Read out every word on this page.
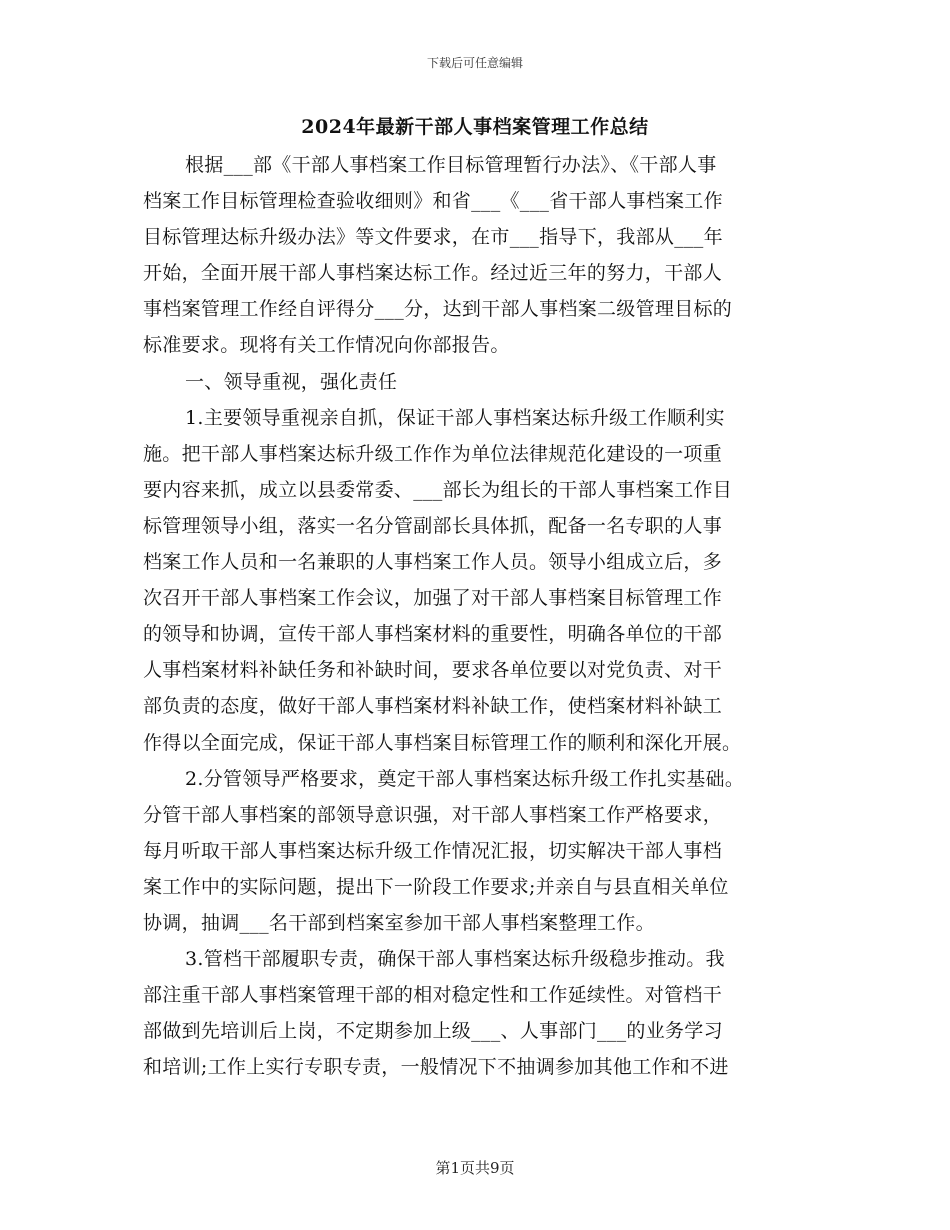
下载后可任意编辑
2024年最新干部人事档案管理工作总结
根据___部《干部人事档案工作目标管理暂行办法》、《干部人事
档案工作目标管理检查验收细则》和省___《___省干部人事档案工作
目标管理达标升级办法》等文件要求，在市___指导下，我部从___年
开始，全面开展干部人事档案达标工作。经过近三年的努力，干部人
事档案管理工作经自评得分___分，达到干部人事档案二级管理目标的
标准要求。现将有关工作情况向你部报告。
一、领导重视，强化责任
1.主要领导重视亲自抓，保证干部人事档案达标升级工作顺利实
施。把干部人事档案达标升级工作作为单位法律规范化建设的一项重
要内容来抓，成立以县委常委、___部长为组长的干部人事档案工作目
标管理领导小组，落实一名分管副部长具体抓，配备一名专职的人事
档案工作人员和一名兼职的人事档案工作人员。领导小组成立后，多
次召开干部人事档案工作会议，加强了对干部人事档案目标管理工作
的领导和协调，宣传干部人事档案材料的重要性，明确各单位的干部
人事档案材料补缺任务和补缺时间，要求各单位要以对党负责、对干
部负责的态度，做好干部人事档案材料补缺工作，使档案材料补缺工
作得以全面完成，保证干部人事档案目标管理工作的顺利和深化开展。
2.分管领导严格要求，奠定干部人事档案达标升级工作扎实基础。
分管干部人事档案的部领导意识强，对干部人事档案工作严格要求，
每月听取干部人事档案达标升级工作情况汇报，切实解决干部人事档
案工作中的实际问题，提出下一阶段工作要求;并亲自与县直相关单位
协调，抽调___名干部到档案室参加干部人事档案整理工作。
3.管档干部履职专责，确保干部人事档案达标升级稳步推动。我
部注重干部人事档案管理干部的相对稳定性和工作延续性。对管档干
部做到先培训后上岗，不定期参加上级___、人事部门___的业务学习
和培训;工作上实行专职专责，一般情况下不抽调参加其他工作和不进
第1页共9页
